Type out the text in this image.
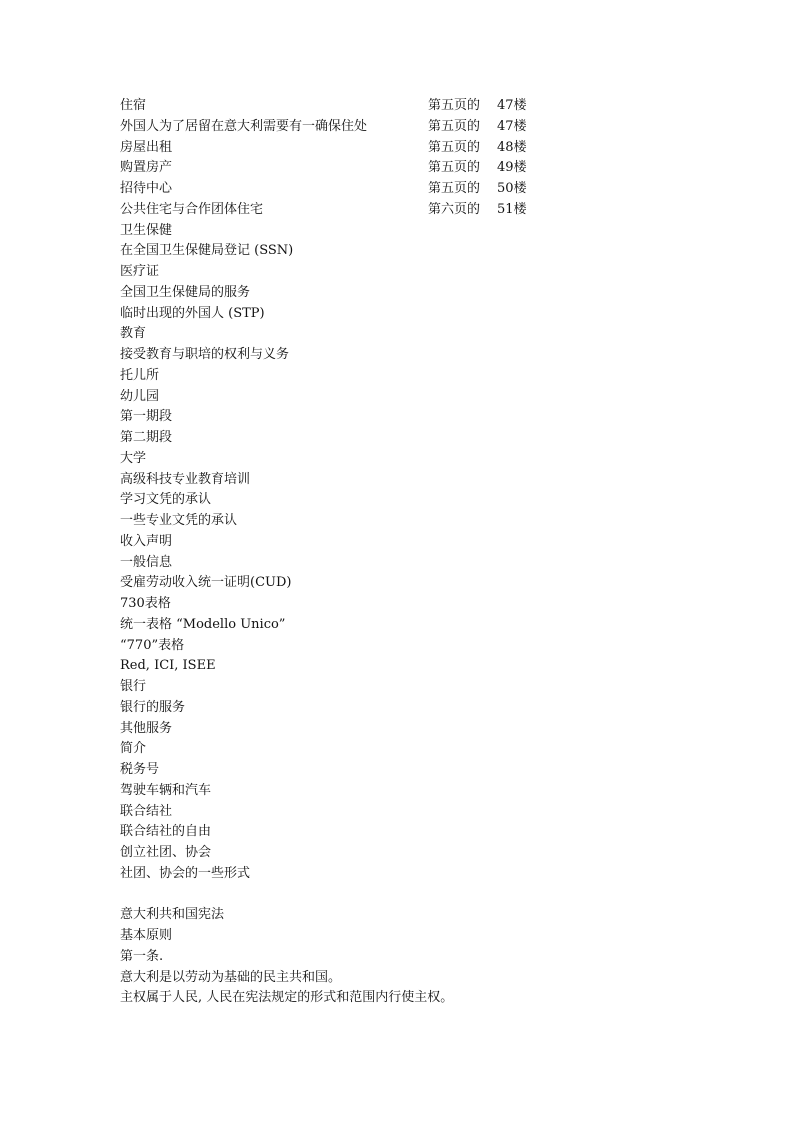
住宿	第五页的 47楼
外国人为了居留在意大利需要有一确保住处	第五页的 47楼
房屋出租	第五页的 48楼
购置房产	第五页的 49楼
招待中心	第五页的 50楼
公共住宅与合作团体住宅	第六页的 51楼
卫生保健
在全国卫生保健局登记 (SSN)
医疗证
全国卫生保健局的服务
临时出现的外国人 (STP)
教育
接受教育与职培的权利与义务
托儿所
幼儿园
第一期段
第二期段
大学
高级科技专业教育培训
学习文凭的承认
一些专业文凭的承认
收入声明
一般信息
受雇劳动收入统一证明(CUD)
730表格
统一表格 “Modello Unico”
“770”表格
Red, ICI, ISEE
银行
银行的服务
其他服务
简介
税务号
驾驶车辆和汽车
联合结社
联合结社的自由
创立社团、协会
社团、协会的一些形式
意大利共和国宪法
基本原则
第一条.
意大利是以劳动为基础的民主共和国。
主权属于人民, 人民在宪法规定的形式和范围内行使主权。
